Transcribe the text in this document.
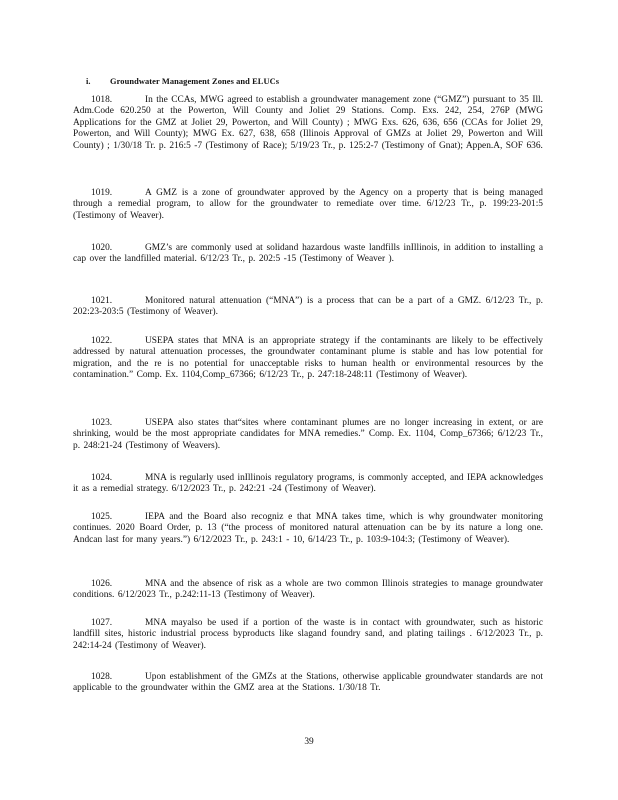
i. Groundwater Management Zones and ELUCs
1018.	In the CCAs, MWG agreed to establish a groundwater management zone (“GMZ”) pursuant to 35 Ill. Adm.Code 620.250 at the Powerton, Will County and Joliet 29 Stations. Comp. Exs. 242, 254, 276P (MWG Applications for the GMZ at Joliet 29, Powerton, and Will County) ; MWG Exs. 626, 636, 656 (CCAs for Joliet 29, Powerton, and Will County); MWG Ex. 627, 638, 658 (Illinois Approval of GMZs at Joliet 29, Powerton and Will County) ; 1/30/18 Tr. p. 216:5 -7 (Testimony of Race); 5/19/23 Tr., p. 125:2-7 (Testimony of Gnat); Appen.A, SOF 636.
1019.	A GMZ is a zone of groundwater approved by the Agency on a property that is being managed through a remedial program, to allow for the groundwater to remediate over time. 6/12/23 Tr., p. 199:23-201:5 (Testimony of Weaver).
1020.	GMZ’s are commonly used at solidand hazardous waste landfills inIllinois, in addition to installing a cap over the landfilled material. 6/12/23 Tr., p. 202:5 -15 (Testimony of Weaver ).
1021.	Monitored natural attenuation (“MNA”) is a process that can be a part of a GMZ. 6/12/23 Tr., p. 202:23-203:5 (Testimony of Weaver).
1022.	USEPA states that MNA is an appropriate strategy if the contaminants are likely to be effectively addressed by natural attenuation processes, the groundwater contaminant plume is stable and has low potential for migration, and the re is no potential for unacceptable risks to human health or environmental resources by the contamination.” Comp. Ex. 1104,Comp_67366; 6/12/23 Tr., p. 247:18-248:11 (Testimony of Weaver).
1023.	USEPA also states that“sites where contaminant plumes are no longer increasing in extent, or are shrinking, would be the most appropriate candidates for MNA remedies.” Comp. Ex. 1104, Comp_67366; 6/12/23 Tr., p. 248:21-24 (Testimony of Weavers).
1024.	MNA is regularly used inIllinois regulatory programs, is commonly accepted, and IEPA acknowledges it as a remedial strategy. 6/12/2023 Tr., p. 242:21 -24 (Testimony of Weaver).
1025.	IEPA and the Board also recogniz e that MNA takes time, which is why groundwater monitoring continues. 2020 Board Order, p. 13 (“the process of monitored natural attenuation can be by its nature a long one. Andcan last for many years.”) 6/12/2023 Tr., p. 243:1 - 10, 6/14/23 Tr., p. 103:9-104:3; (Testimony of Weaver).
1026.	MNA and the absence of risk as a whole are two common Illinois strategies to manage groundwater conditions. 6/12/2023 Tr., p.242:11-13 (Testimony of Weaver).
1027.	MNA mayalso be used if a portion of the waste is in contact with groundwater, such as historic landfill sites, historic industrial process byproducts like slagand foundry sand, and plating tailings . 6/12/2023 Tr., p. 242:14-24 (Testimony of Weaver).
1028.	Upon establishment of the GMZs at the Stations, otherwise applicable groundwater standards are not applicable to the groundwater within the GMZ area at the Stations. 1/30/18 Tr.
39
